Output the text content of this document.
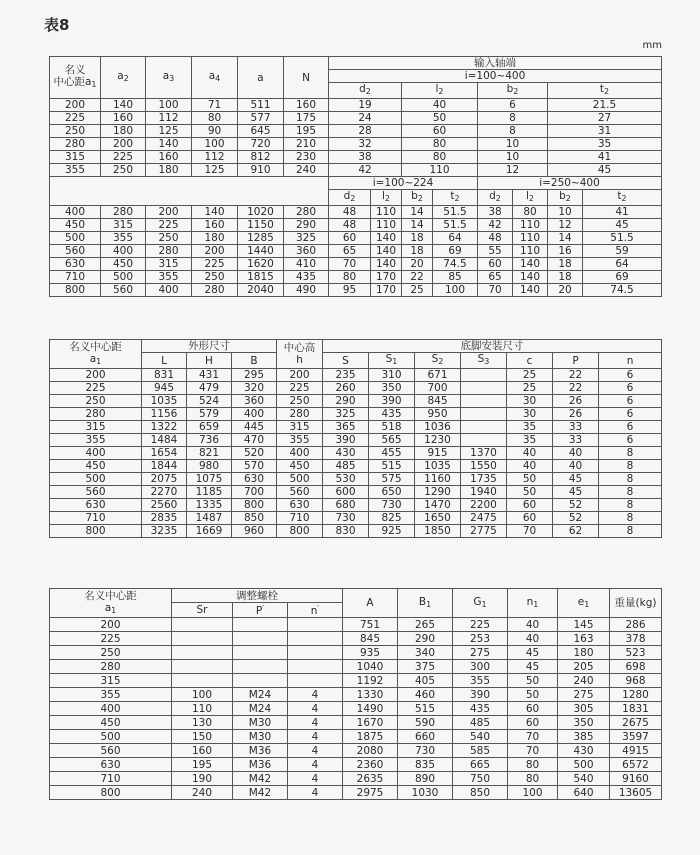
表8
mm
名义
中心距$a_1$	$a_2$	$a_3$	$a_4$	a	N	输入轴端							
						i=100~400							
						$d_2$		$l_2$		$b_2$		$t_2$
200	140	100	71	511	160	19		40		6		21.5	
225	160	112	80	577	175	24		50		8		27	
250	180	125	90	645	195	28		60		8		31	
280	200	140	100	720	210	32		80		10		35	
315	225	160	112	812	230	38		80		10		41	
355	250	180	125	910	240	42		110		12		45	
						i=100~224				i=250~400			
						$d_2$	$l_2$	$b_2$	$t_2$	$d_2$	$l_2$	$b_2$	$t_2$
400	280	200	140	1020	280	48	110	14	51.5	38	80	10	41
450	315	225	160	1150	290	48	110	14	51.5	42	110	12	45
500	355	250	180	1285	325	60	140	18	64	48	110	14	51.5
560	400	280	200	1440	360	65	140	18	69	55	110	16	59
630	450	315	225	1620	410	70	140	20	74.5	60	140	18	64
710	500	355	250	1815	435	80	170	22	85	65	140	18	69
800	560	400	280	2040	490	95	170	25	100	70	140	20	74.5
名义中心距
$a_1$	外形尺寸			中心高
h	底脚安装尺寸						
	L	H	B		S	$S_1$	$S_2$	$S_3$	c	P	n
200	831	431	295	200	235	310	671		25	22	6
225	945	479	320	225	260	350	700		25	22	6
250	1035	524	360	250	290	390	845		30	26	6
280	1156	579	400	280	325	435	950		30	26	6
315	1322	659	445	315	365	518	1036		35	33	6
355	1484	736	470	355	390	565	1230		35	33	6
400	1654	821	520	400	430	455	915	1370	40	40	8
450	1844	980	570	450	485	515	1035	1550	40	40	8
500	2075	1075	630	500	530	575	1160	1735	50	45	8
560	2270	1185	700	560	600	650	1290	1940	50	45	8
630	2560	1335	800	630	680	730	1470	2200	60	52	8
710	2835	1487	850	710	730	825	1650	2475	60	52	8
800	3235	1669	960	800	830	925	1850	2775	70	62	8
名义中心距
$a_1$	调整螺栓			A	$B_1$	$G_1$	$n_1$	$e_1$	重量(kg)
	Sr	P′	n′
200				751	265	225	40	145	286
225				845	290	253	40	163	378
250				935	340	275	45	180	523
280				1040	375	300	45	205	698
315				1192	405	355	50	240	968
355	100	M24	4	1330	460	390	50	275	1280
400	110	M24	4	1490	515	435	60	305	1831
450	130	M30	4	1670	590	485	60	350	2675
500	150	M30	4	1875	660	540	70	385	3597
560	160	M36	4	2080	730	585	70	430	4915
630	195	M36	4	2360	835	665	80	500	6572
710	190	M42	4	2635	890	750	80	540	9160
800	240	M42	4	2975	1030	850	100	640	13605
